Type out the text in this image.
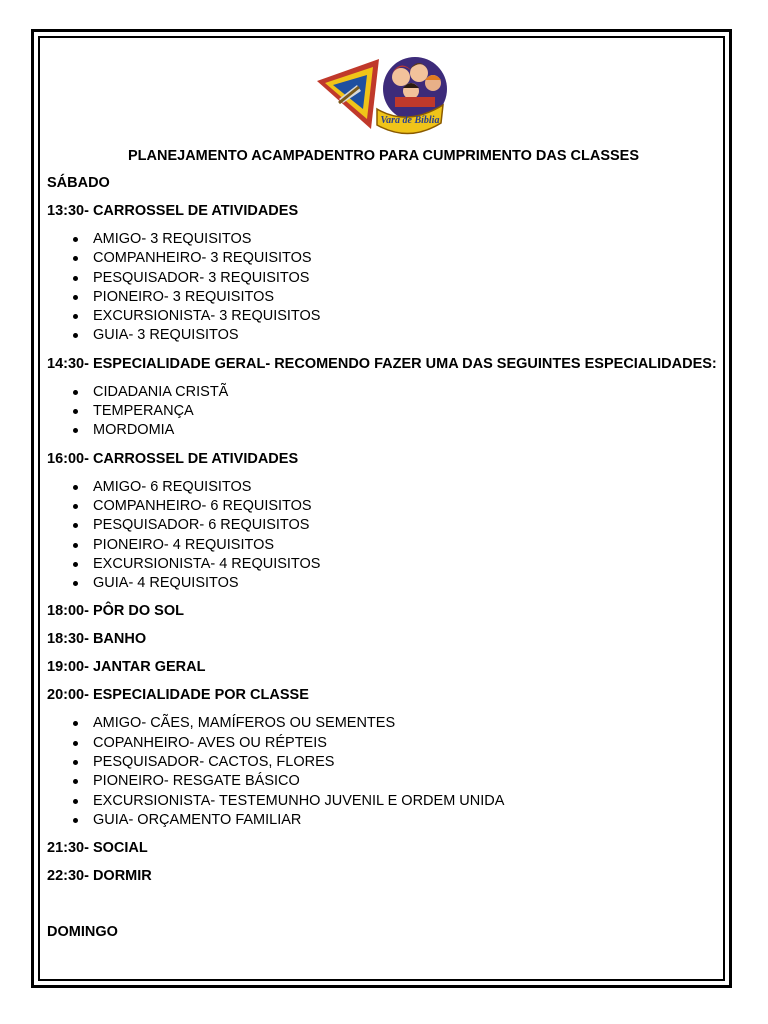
Vara de Bíblia
PLANEJAMENTO ACAMPADENTRO PARA CUMPRIMENTO DAS CLASSES
SÁBADO
13:30- CARROSSEL DE ATIVIDADES
AMIGO- 3 REQUISITOS
COMPANHEIRO- 3 REQUISITOS
PESQUISADOR- 3 REQUISITOS
PIONEIRO- 3 REQUISITOS
EXCURSIONISTA- 3 REQUISITOS
GUIA- 3 REQUISITOS
14:30- ESPECIALIDADE GERAL- RECOMENDO FAZER UMA DAS SEGUINTES ESPECIALIDADES:
CIDADANIA CRISTÃ
TEMPERANÇA
MORDOMIA
16:00- CARROSSEL DE ATIVIDADES
AMIGO- 6 REQUISITOS
COMPANHEIRO- 6 REQUISITOS
PESQUISADOR- 6 REQUISITOS
PIONEIRO- 4 REQUISITOS
EXCURSIONISTA- 4 REQUISITOS
GUIA- 4 REQUISITOS
18:00- PÔR DO SOL
18:30- BANHO
19:00- JANTAR GERAL
20:00- ESPECIALIDADE POR CLASSE
AMIGO- CÃES, MAMÍFEROS OU SEMENTES
COPANHEIRO- AVES OU RÉPTEIS
PESQUISADOR- CACTOS, FLORES
PIONEIRO- RESGATE BÁSICO
EXCURSIONISTA- TESTEMUNHO JUVENIL E ORDEM UNIDA
GUIA- ORÇAMENTO FAMILIAR
21:30- SOCIAL
22:30- DORMIR
DOMINGO
